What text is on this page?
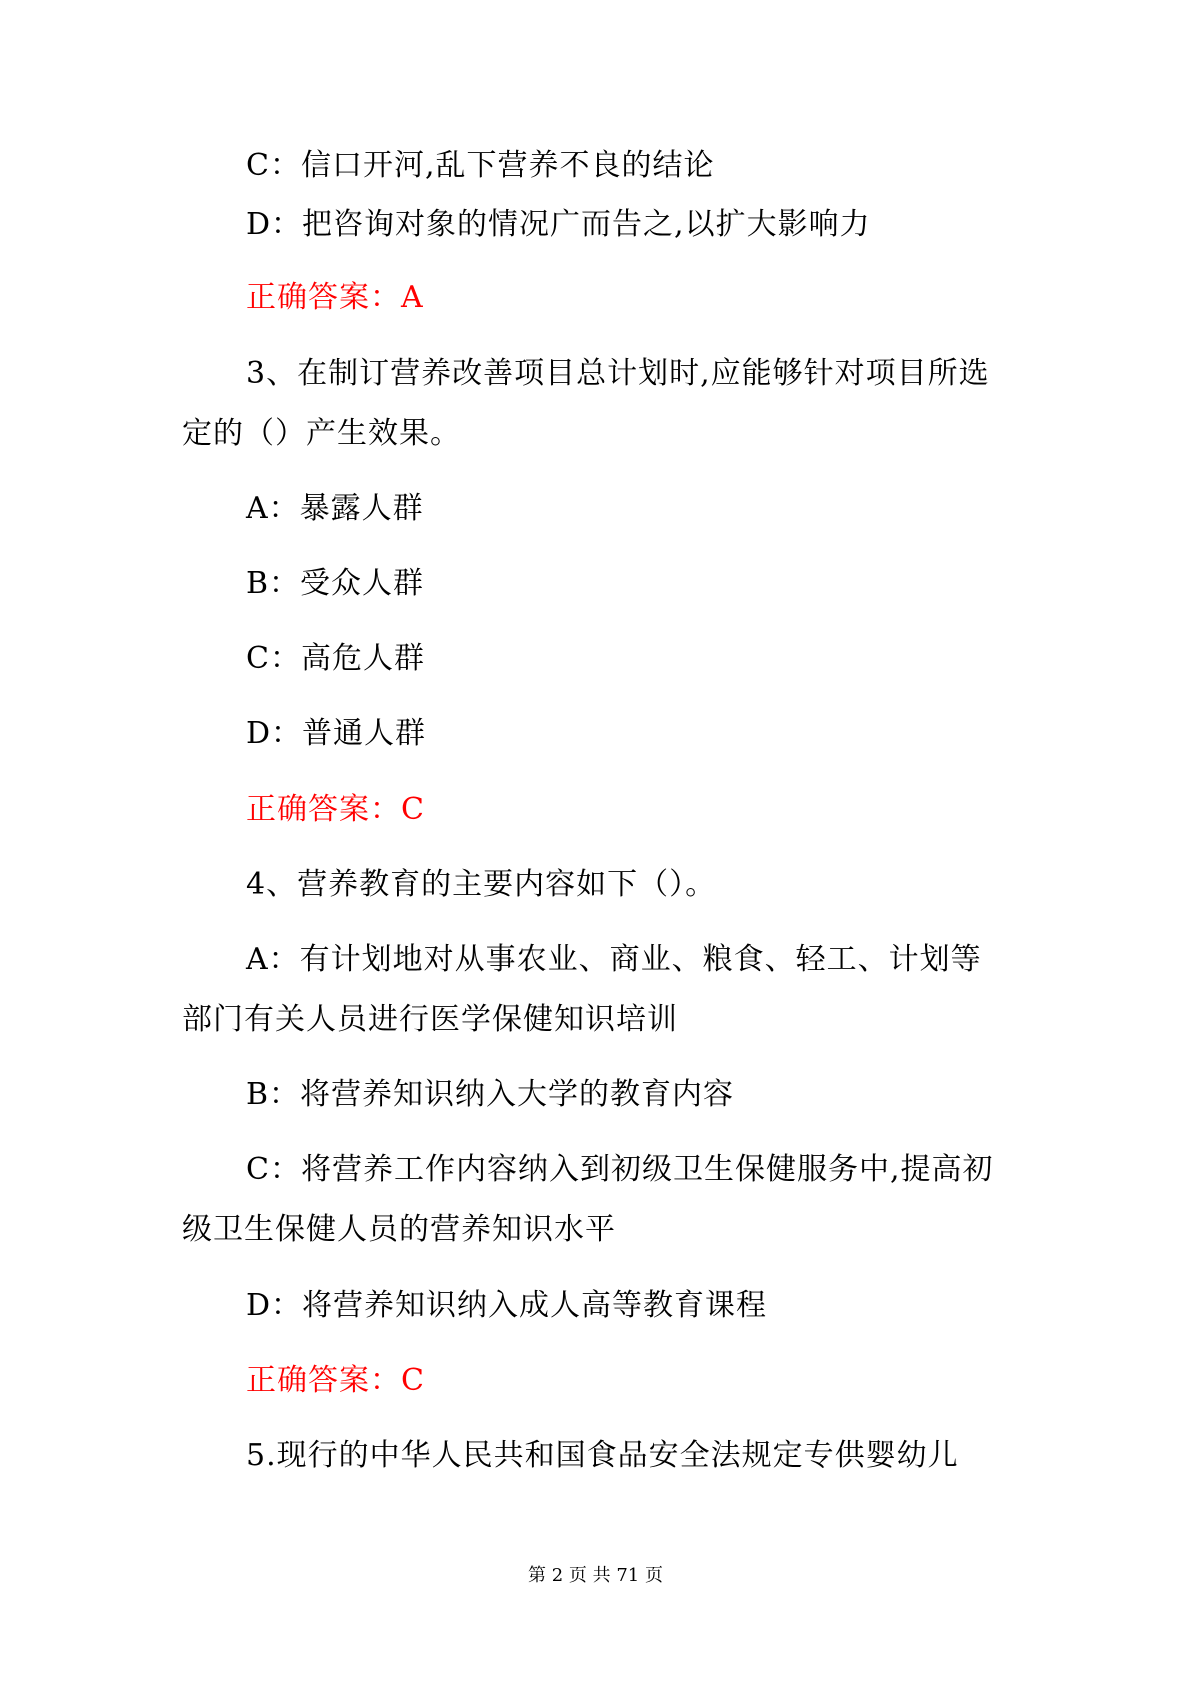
C：信口开河,乱下营养不良的结论
D：把咨询对象的情况广而告之,以扩大影响力
正确答案：A
3、在制订营养改善项目总计划时,应能够针对项目所选
定的（）产生效果。
A：暴露人群
B：受众人群
C：高危人群
D：普通人群
正确答案：C
4、营养教育的主要内容如下（）。
A：有计划地对从事农业、商业、粮食、轻工、计划等
部门有关人员进行医学保健知识培训
B：将营养知识纳入大学的教育内容
C：将营养工作内容纳入到初级卫生保健服务中,提高初
级卫生保健人员的营养知识水平
D：将营养知识纳入成人高等教育课程
正确答案：C
5.现行的中华人民共和国食品安全法规定专供婴幼儿
第 2 页 共 71 页
